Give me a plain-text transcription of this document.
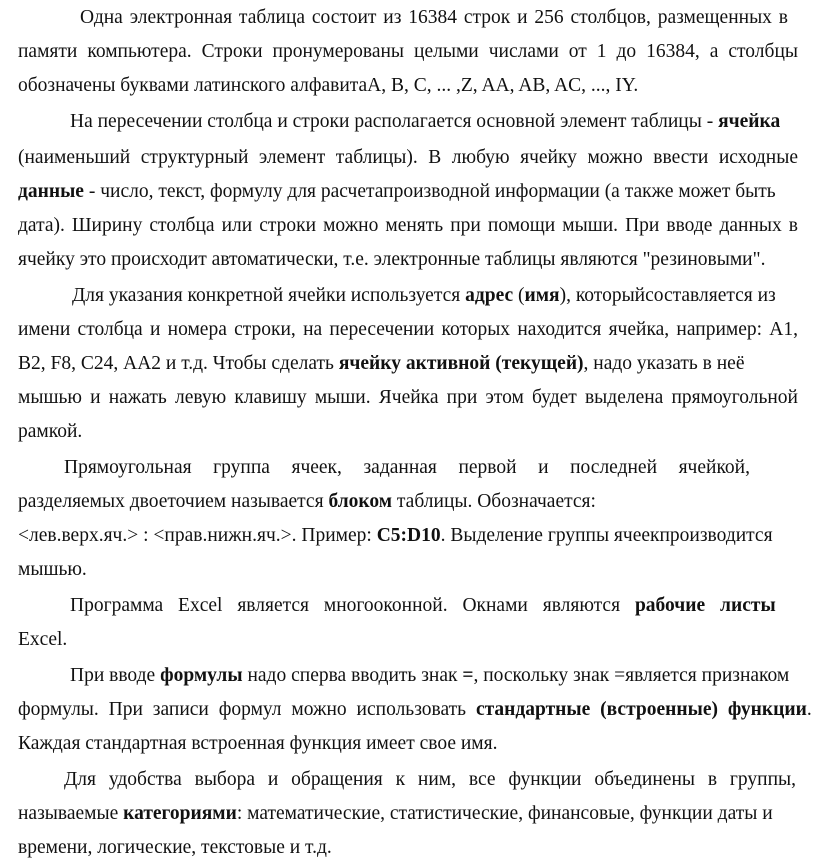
Одна электронная таблица состоит из 16384 строк и 256 столбцов, размещенных в
памяти компьютера. Строки пронумерованы целыми числами от 1 до 16384, а столбцы
обозначены буквами латинского алфавитаA, B, C, ... ,Z, AA, AB, AC, ..., IY.
На пересечении столбца и строки располагается основной элемент таблицы - ячейка
(наименьший структурный элемент таблицы). В любую ячейку можно ввести исходные
данные - число, текст, формулу для расчетапроизводной информации (а также может быть
дата). Ширину столбца или строки можно менять при помощи мыши. При вводе данных в
ячейку это происходит автоматически, т.е. электронные таблицы являются "резиновыми".
Для указания конкретной ячейки используется адрес (имя), которыйсоставляется из
имени столбца и номера строки, на пересечении которых находится ячейка, например: А1,
В2, F8, С24, АА2 и т.д. Чтобы сделать ячейку активной (текущей), надо указать в неё
мышью и нажать левую клавишу мыши. Ячейка при этом будет выделена прямоугольной
рамкой.
Прямоугольная группа ячеек, заданная первой и последней ячейкой,
разделяемых двоеточием называется блоком таблицы. Обозначается:
<лев.верх.яч.> : <прав.нижн.яч.>. Пример: C5:D10. Выделение группы ячеекпроизводится
мышью.
Программа Excel является многооконной. Окнами являются рабочие листы
Excel.
При вводе формулы надо сперва вводить знак =, поскольку знак =является признаком
формулы. При записи формул можно использовать стандартные (встроенные) функции.
Каждая стандартная встроенная функция имеет свое имя.
Для удобства выбора и обращения к ним, все функции объединены в группы,
называемые категориями: математические, статистические, финансовые, функции даты и
времени, логические, текстовые и т.д.
